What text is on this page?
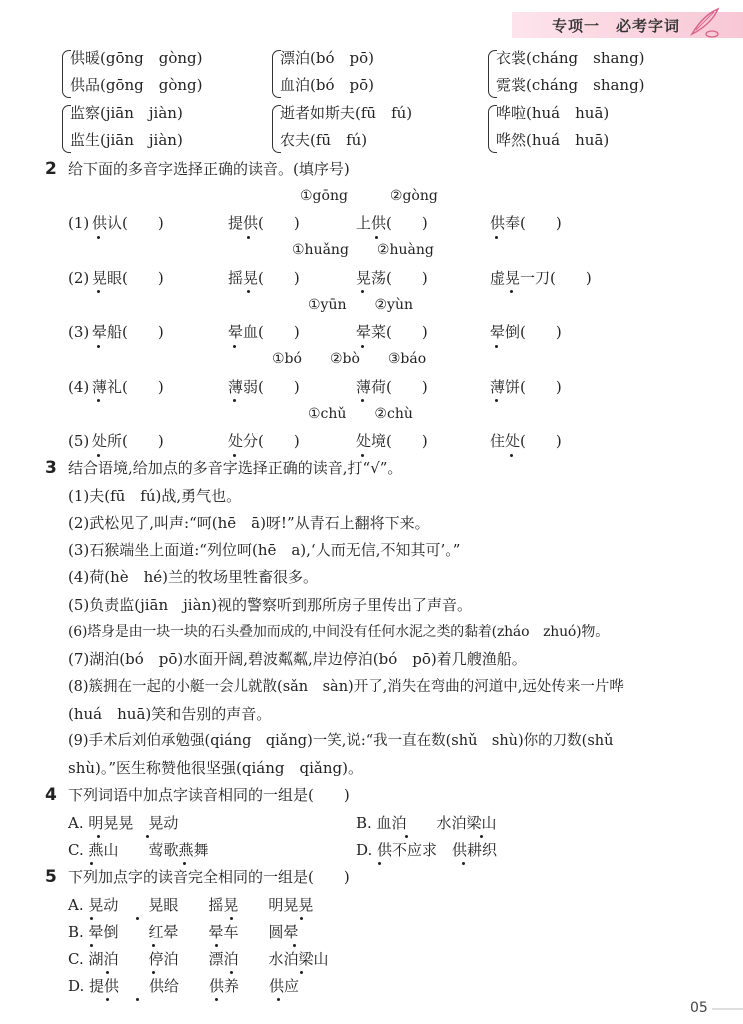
专项一　必考字词
供暖(gōng　gòng)	漂泊(bó　pō)	衣裳(cháng　shang)
供品(gōng　gòng)	血泊(bó　pō)	霓裳(cháng　shang)
监察(jiān　jiàn)	逝者如斯夫(fū　fú)	哗啦(huá　huā)
监生(jiān　jiàn)	农夫(fū　fú)	哗然(huá　huā)
2 给下面的多音字选择正确的读音。(填序号)
①gōng　　　②gòng
(1) 供认(　　)	提供(　　)	上供(　　)	供奉(　　)
①huǎng　　②huàng
(2) 晃眼(　　)	摇晃(　　)	晃荡(　　)	虚晃一刀(　　)
①yūn　　②yùn
(3) 晕船(　　)	晕血(　　)	晕菜(　　)	晕倒(　　)
①bó　　②bò　　③báo
(4) 薄礼(　　)	薄弱(　　)	薄荷(　　)	薄饼(　　)
①chǔ　　②chù
(5) 处所(　　)	处分(　　)	处境(　　)	住处(　　)
3 结合语境,给加点的多音字选择正确的读音,打“√”。
(1)夫(fū　fú)战,勇气也。
(2)武松见了,叫声:“呵(hē　ā)呀!”从青石上翻将下来。
(3)石猴端坐上面道:“列位呵(hē　a),‘人而无信,不知其可’。”
(4)荷(hè　hé)兰的牧场里牲畜很多。
(5)负责监(jiān　jiàn)视的警察听到那所房子里传出了声音。
(6)塔身是由一块一块的石头叠加而成的,中间没有任何水泥之类的黏着(zháo　zhuó)物。
(7)湖泊(bó　pō)水面开阔,碧波粼粼,岸边停泊(bó　pō)着几艘渔船。
(8)簇拥在一起的小艇一会儿就散(sǎn　sàn)开了,消失在弯曲的河道中,远处传来一片哗
(huá　huā)笑和告别的声音。
(9)手术后刘伯承勉强(qiáng　qiǎng)一笑,说:“我一直在数(shǔ　shù)你的刀数(shǔ
shù)。”医生称赞他很坚强(qiáng　qiǎng)。
4 下列词语中加点字读音相同的一组是(　　)
A. 明晃晃　晃动	B. 血泊　　水泊梁山
C. 燕山　　莺歌燕舞	D. 供不应求　供耕织
5 下列加点字的读音完全相同的一组是(　　)
A. 晃动　　晃眼　　摇晃　　明晃晃
B. 晕倒　　红晕　　晕车　　圆晕
C. 湖泊　　停泊　　漂泊　　水泊梁山
D. 提供　　供给　　供养　　供应
05
